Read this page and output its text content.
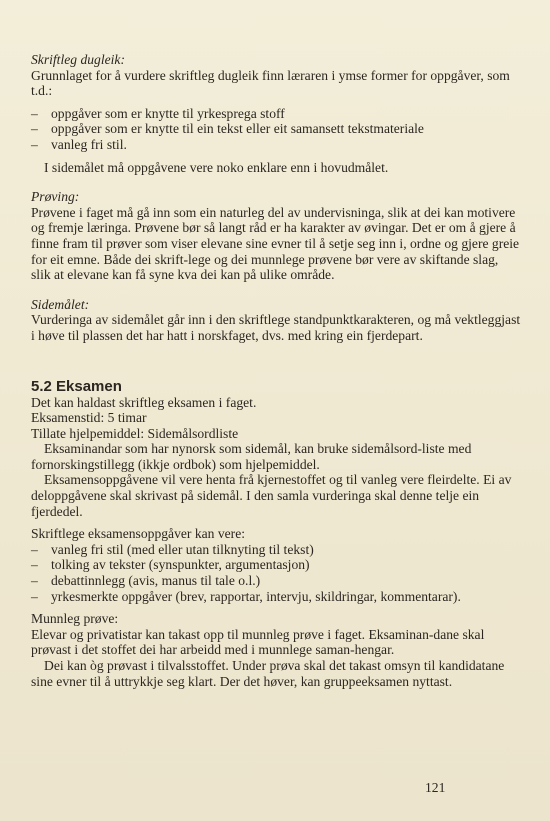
Skriftleg dugleik:

Grunnlaget for å vurdere skriftleg dugleik finn læraren i ymse former for oppgåver, som t.d.:

– oppgåver som er knytte til yrkesprega stoff
– oppgåver som er knytte til ein tekst eller eit samansett tekstmateriale
– vanleg fri stil.

I sidemålet må oppgåvene vere noko enklare enn i hovudmålet.

Prøving:

Prøvene i faget må gå inn som ein naturleg del av undervisninga, slik at dei kan motivere og fremje læringa. Prøvene bør så langt råd er ha karakter av øvingar. Det er om å gjere å finne fram til prøver som viser elevane sine evner til å setje seg inn i, ordne og gjere greie for eit emne. Både dei skrift-lege og dei munnlege prøvene bør vere av skiftande slag, slik at elevane kan få syne kva dei kan på ulike område.

Sidemålet:

Vurderinga av sidemålet går inn i den skriftlege standpunktkarakteren, og må vektleggjast i høve til plassen det har hatt i norskfaget, dvs. med kring ein fjerdepart.

5.2 Eksamen

Det kan haldast skriftleg eksamen i faget.

Eksamenstid: 5 timar

Tillate hjelpemiddel: Sidemålsordliste

Eksaminandar som har nynorsk som sidemål, kan bruke sidemålsord-liste med fornorskingstillegg (ikkje ordbok) som hjelpemiddel.

Eksamensoppgåvene vil vere henta frå kjernestoffet og til vanleg vere fleirdelte. Ei av deloppgåvene skal skrivast på sidemål. I den samla vurderinga skal denne telje ein fjerdedel.

Skriftlege eksamensoppgåver kan vere:

– vanleg fri stil (med eller utan tilknyting til tekst)
– tolking av tekster (synspunkter, argumentasjon)
– debattinnlegg (avis, manus til tale o.l.)
– yrkesmerkte oppgåver (brev, rapportar, intervju, skildringar, kommentarar).

Munnleg prøve:

Elevar og privatistar kan takast opp til munnleg prøve i faget. Eksaminan-dane skal prøvast i det stoffet dei har arbeidd med i munnlege saman-hengar.

Dei kan òg prøvast i tilvalsstoffet. Under prøva skal det takast omsyn til kandidatane sine evner til å uttrykkje seg klart. Der det høver, kan gruppeeksamen nyttast.

121
